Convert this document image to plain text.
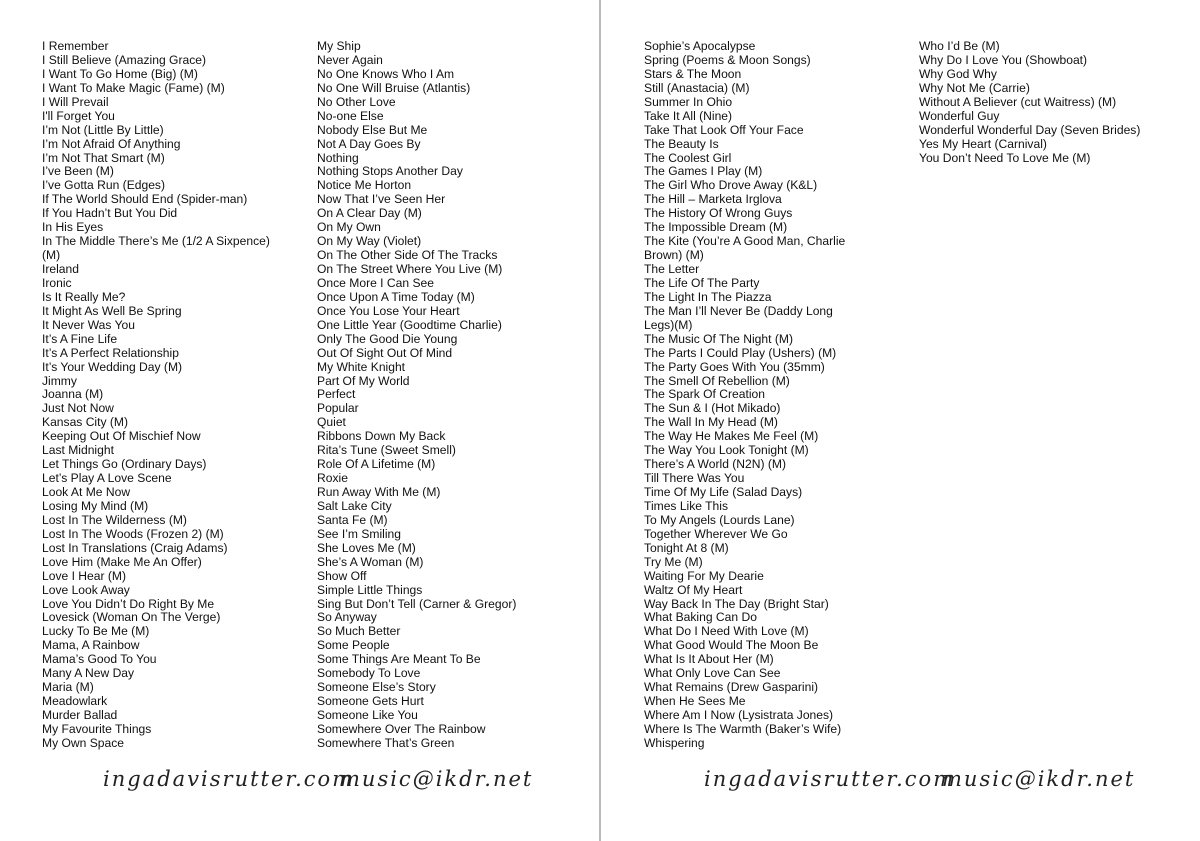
I Remember
I Still Believe (Amazing Grace)
I Want To Go Home (Big) (M)
I Want To Make Magic (Fame) (M)
I Will Prevail
I'll Forget You
I’m Not (Little By Little)
I’m Not Afraid Of Anything
I’m Not That Smart (M)
I’ve Been (M)
I’ve Gotta Run (Edges)
If The World Should End (Spider-man)
If You Hadn’t But You Did
In His Eyes
In The Middle There’s Me (1/2 A Sixpence)
(M)
Ireland
Ironic
Is It Really Me?
It Might As Well Be Spring
It Never Was You
It’s A Fine Life
It’s A Perfect Relationship
It’s Your Wedding Day (M)
Jimmy
Joanna (M)
Just Not Now
Kansas City (M)
Keeping Out Of Mischief Now
Last Midnight
Let Things Go (Ordinary Days)
Let’s Play A Love Scene
Look At Me Now
Losing My Mind (M)
Lost In The Wilderness (M)
Lost In The Woods (Frozen 2) (M)
Lost In Translations (Craig Adams)
Love Him (Make Me An Offer)
Love I Hear (M)
Love Look Away
Love You Didn’t Do Right By Me
Lovesick (Woman On The Verge)
Lucky To Be Me (M)
Mama, A Rainbow
Mama’s Good To You
Many A New Day
Maria (M)
Meadowlark
Murder Ballad
My Favourite Things
My Own Space
My Ship
Never Again
No One Knows Who I Am
No One Will Bruise (Atlantis)
No Other Love
No-one Else
Nobody Else But Me
Not A Day Goes By
Nothing
Nothing Stops Another Day
Notice Me Horton
Now That I’ve Seen Her
On A Clear Day (M)
On My Own
On My Way (Violet)
On The Other Side Of The Tracks
On The Street Where You Live (M)
Once More I Can See
Once Upon A Time Today (M)
Once You Lose Your Heart
One Little Year (Goodtime Charlie)
Only The Good Die Young
Out Of Sight Out Of Mind
My White Knight
Part Of My World
Perfect
Popular
Quiet
Ribbons Down My Back
Rita’s Tune (Sweet Smell)
Role Of A Lifetime (M)
Roxie
Run Away With Me (M)
Salt Lake City
Santa Fe (M)
See I’m Smiling
She Loves Me (M)
She’s A Woman (M)
Show Off
Simple Little Things
Sing But Don’t Tell (Carner & Gregor)
So Anyway
So Much Better
Some People
Some Things Are Meant To Be
Somebody To Love
Someone Else’s Story
Someone Gets Hurt
Someone Like You
Somewhere Over The Rainbow
Somewhere That’s Green
ingadavisrutter.com
music@ikdr.net
Sophie’s Apocalypse
Spring (Poems & Moon Songs)
Stars & The Moon
Still (Anastacia) (M)
Summer In Ohio
Take It All (Nine)
Take That Look Off Your Face
The Beauty Is
The Coolest Girl
The Games I Play (M)
The Girl Who Drove Away (K&L)
The Hill – Marketa Irglova
The History Of Wrong Guys
The Impossible Dream (M)
The Kite (You’re A Good Man, Charlie
Brown) (M)
The Letter
The Life Of The Party
The Light In The Piazza
The Man I’ll Never Be (Daddy Long
Legs)(M)
The Music Of The Night (M)
The Parts I Could Play (Ushers) (M)
The Party Goes With You (35mm)
The Smell Of Rebellion (M)
The Spark Of Creation
The Sun & I (Hot Mikado)
The Wall In My Head (M)
The Way He Makes Me Feel (M)
The Way You Look Tonight (M)
There’s A World (N2N) (M)
Till There Was You
Time Of My Life (Salad Days)
Times Like This
To My Angels (Lourds Lane)
Together Wherever We Go
Tonight At 8 (M)
Try Me (M)
Waiting For My Dearie
Waltz Of My Heart
Way Back In The Day (Bright Star)
What Baking Can Do
What Do I Need With Love (M)
What Good Would The Moon Be
What Is It About Her (M)
What Only Love Can See
What Remains (Drew Gasparini)
When He Sees Me
Where Am I Now (Lysistrata Jones)
Where Is The Warmth (Baker’s Wife)
Whispering
Who I’d Be (M)
Why Do I Love You (Showboat)
Why God Why
Why Not Me (Carrie)
Without A Believer (cut Waitress) (M)
Wonderful Guy
Wonderful Wonderful Day (Seven Brides)
Yes My Heart (Carnival)
You Don’t Need To Love Me (M)
ingadavisrutter.com
music@ikdr.net
